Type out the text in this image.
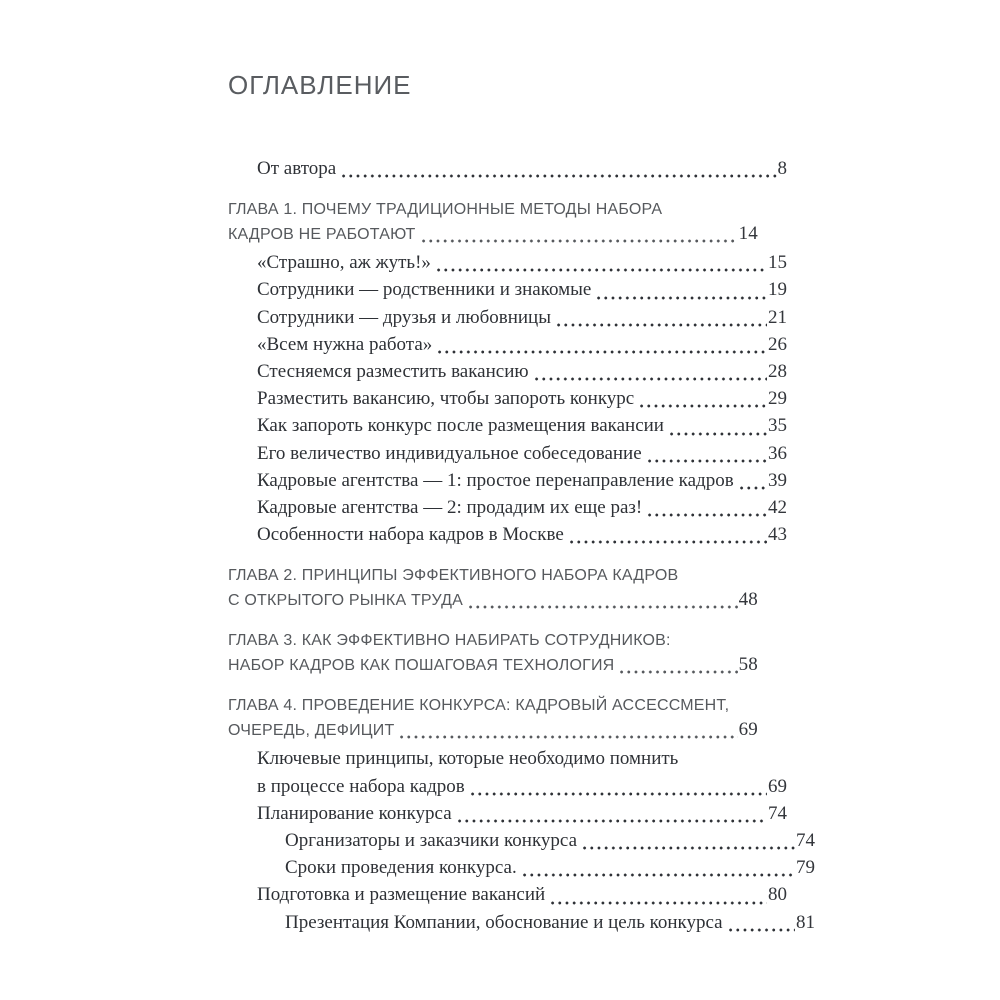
ОГЛАВЛЕНИЕ
От автора	8
ГЛАВА 1. ПОЧЕМУ ТРАДИЦИОННЫЕ МЕТОДЫ НАБОРА
КАДРОВ НЕ РАБОТАЮТ	14
«Страшно, аж жуть!»	15
Сотрудники — родственники и знакомые	19
Сотрудники — друзья и любовницы	21
«Всем нужна работа»	26
Стесняемся разместить вакансию	28
Разместить вакансию, чтобы запороть конкурс	29
Как запороть конкурс после размещения вакансии	35
Его величество индивидуальное собеседование	36
Кадровые агентства — 1: простое перенаправление кадров 39
Кадровые агентства — 2: продадим их еще раз!	42
Особенности набора кадров в Москве	43
ГЛАВА 2. ПРИНЦИПЫ ЭФФЕКТИВНОГО НАБОРА КАДРОВ
С ОТКРЫТОГО РЫНКА ТРУДА	48
ГЛАВА 3. КАК ЭФФЕКТИВНО НАБИРАТЬ СОТРУДНИКОВ:
НАБОР КАДРОВ КАК ПОШАГОВАЯ ТЕХНОЛОГИЯ	58
ГЛАВА 4. ПРОВЕДЕНИЕ КОНКУРСА: КАДРОВЫЙ АССЕССМЕНТ,
ОЧЕРЕДЬ, ДЕФИЦИТ	69
Ключевые принципы, которые необходимо помнить
в процессе набора кадров	69
Планирование конкурса	74
Организаторы и заказчики конкурса	74
Сроки проведения конкурса.	79
Подготовка и размещение вакансий	80
Презентация Компании, обоснование и цель конкурса	81
